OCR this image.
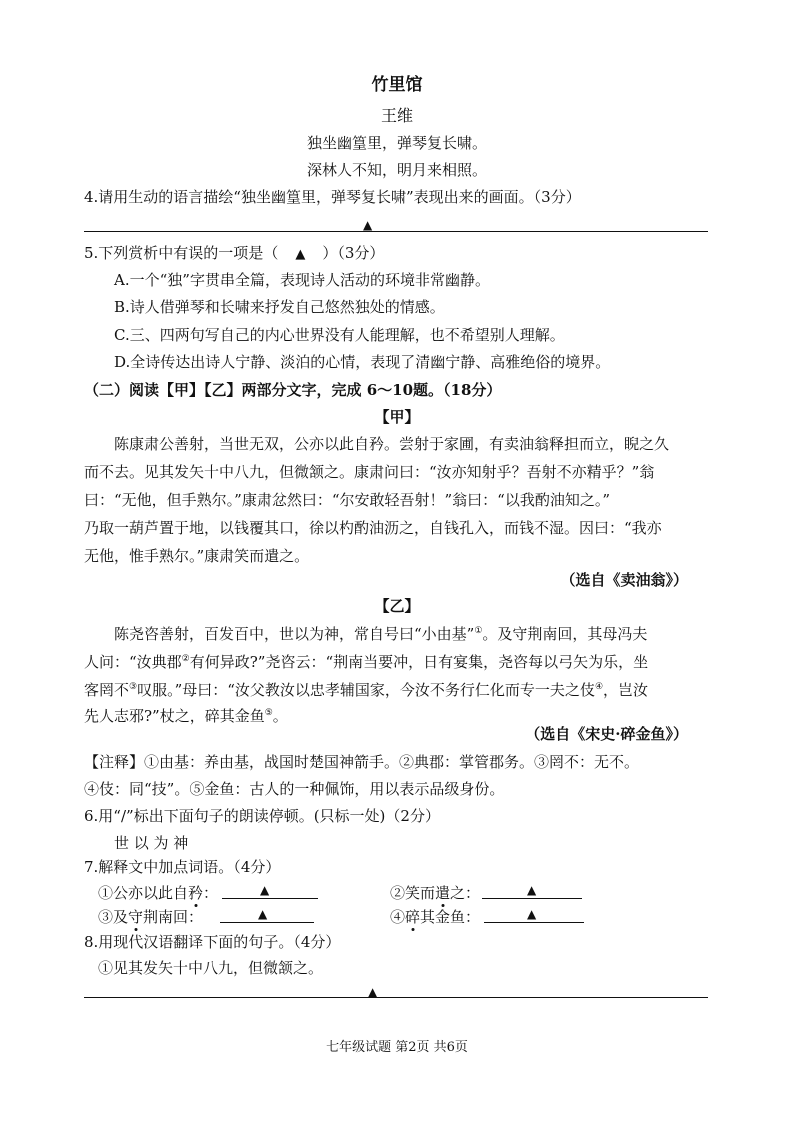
竹里馆
王维
独坐幽篁里，弹琴复长啸。
深林人不知，明月来相照。
4.请用生动的语言描绘“独坐幽篁里，弹琴复长啸”表现出来的画面。（3分）
▲
5.下列赏析中有误的一项是（ ▲ ）（3分）
A.一个“独”字贯串全篇，表现诗人活动的环境非常幽静。
B.诗人借弹琴和长啸来抒发自己悠然独处的情感。
C.三、四两句写自己的内心世界没有人能理解，也不希望别人理解。
D.全诗传达出诗人宁静、淡泊的心情，表现了清幽宁静、高雅绝俗的境界。
（二）阅读【甲】【乙】两部分文字，完成 6～10题。（18分）
【甲】
陈康肃公善射，当世无双，公亦以此自矜。尝射于家圃，有卖油翁释担而立，睨之久
而不去。见其发矢十中八九，但微颔之。康肃问曰：“汝亦知射乎？吾射不亦精乎？”翁
曰：“无他，但手熟尔。”康肃忿然曰：“尔安敢轻吾射！”翁曰：“以我酌油知之。”
乃取一葫芦置于地，以钱覆其口，徐以杓酌油沥之，自钱孔入，而钱不湿。因曰：“我亦
无他，惟手熟尔。”康肃笑而遣之。
（选自《卖油翁》）
【乙】
陈尧咨善射，百发百中，世以为神，常自号曰“小由基”①。及守荆南回，其母冯夫
人问：“汝典郡②有何异政?”尧咨云：“荆南当要冲，日有宴集，尧咨每以弓矢为乐，坐
客罔不③叹服。”母曰：“汝父教汝以忠孝辅国家，今汝不务行仁化而专一夫之伎④，岂汝
先人志邪?”杖之，碎其金鱼⑤。
（选自《宋史·碎金鱼》）
【注释】①由基：养由基，战国时楚国神箭手。②典郡：掌管郡务。③罔不：无不。
④伎：同“技”。⑤金鱼：古人的一种佩饰，用以表示品级身份。
6.用“/”标出下面句子的朗读停顿。(只标一处)（2分）
世 以 为 神
7.解释文中加点词语。（4分）
①公亦以此自矜：	▲	②笑而遣之：	▲
③及守荆南回：	▲	④碎其金鱼：	▲
8.用现代汉语翻译下面的句子。（4分）
①见其发矢十中八九，但微颔之。
▲
七年级试题 第2页 共6页
